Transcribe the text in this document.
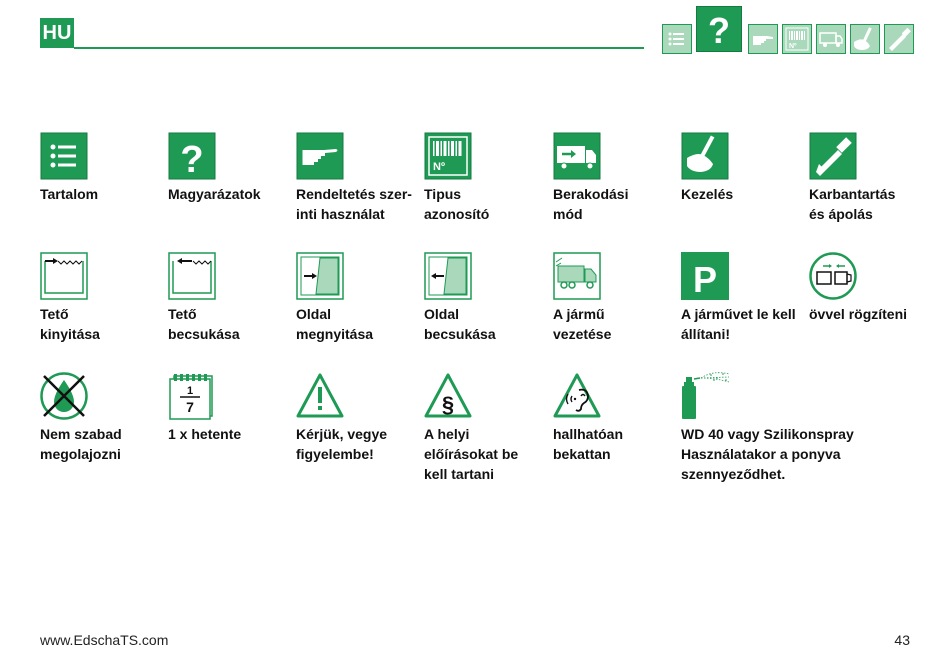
HU	?	Nº
Tartalom
?
Magyarázatok	Rendeltetés szer-
inti használat
Nº
Tipus
azonosító
Berakodási
mód
Kezelés	Karbantartás
és ápolás
Tető
kinyitása
Tető
becsukása
Oldal
megnyitása
Oldal
becsukása
A jármű
vezetése
P
A járművet le kell
állítani!
övvel rögzíteni
Nem szabad
megolajozni
1
7
1 x hetente	Kérjük, vegye
figyelembe!
§
A helyi
előírásokat be
kell tartani
hallhatóan
bekattan
WD 40 vagy Szilikonspray
Használatakor a ponyva
szennyeződhet.
www.EdschaTS.com	43
